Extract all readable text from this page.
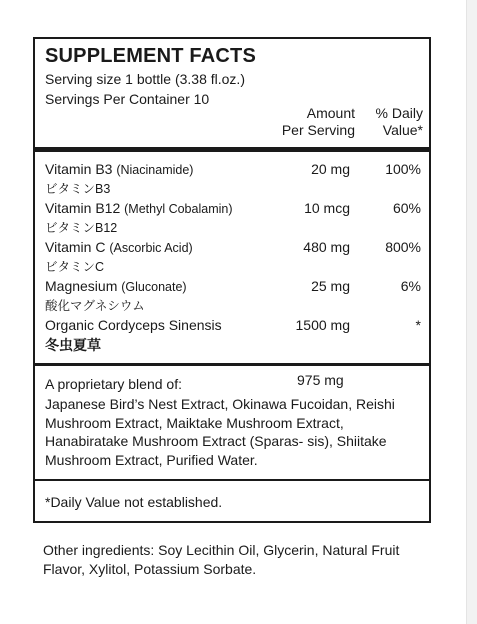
SUPPLEMENT FACTS
Serving size 1 bottle (3.38 fl.oz.)
Servings Per Container 10
Amount
Per Serving
% Daily
Value*
Vitamin B3 (Niacinamide)
ビタミンB3
20 mg	100%
Vitamin B12 (Methyl Cobalamin)
ビタミンB12
10 mcg	60%
Vitamin C (Ascorbic Acid)
ビタミンC
480 mg	800%
Magnesium (Gluconate)
酸化マグネシウム
25 mg	6%
Organic Cordyceps Sinensis
冬虫夏草
1500 mg	*
A proprietary blend of:	975 mg
Japanese Bird’s Nest Extract, Okinawa Fucoidan, Reishi Mushroom Extract, Maiktake Mushroom Extract, Hanabiratake Mushroom Extract (Sparas- sis), Shiitake Mushroom Extract, Purified Water.
*Daily Value not established.
Other ingredients: Soy Lecithin Oil, Glycerin, Natural Fruit Flavor, Xylitol, Potassium Sorbate.
